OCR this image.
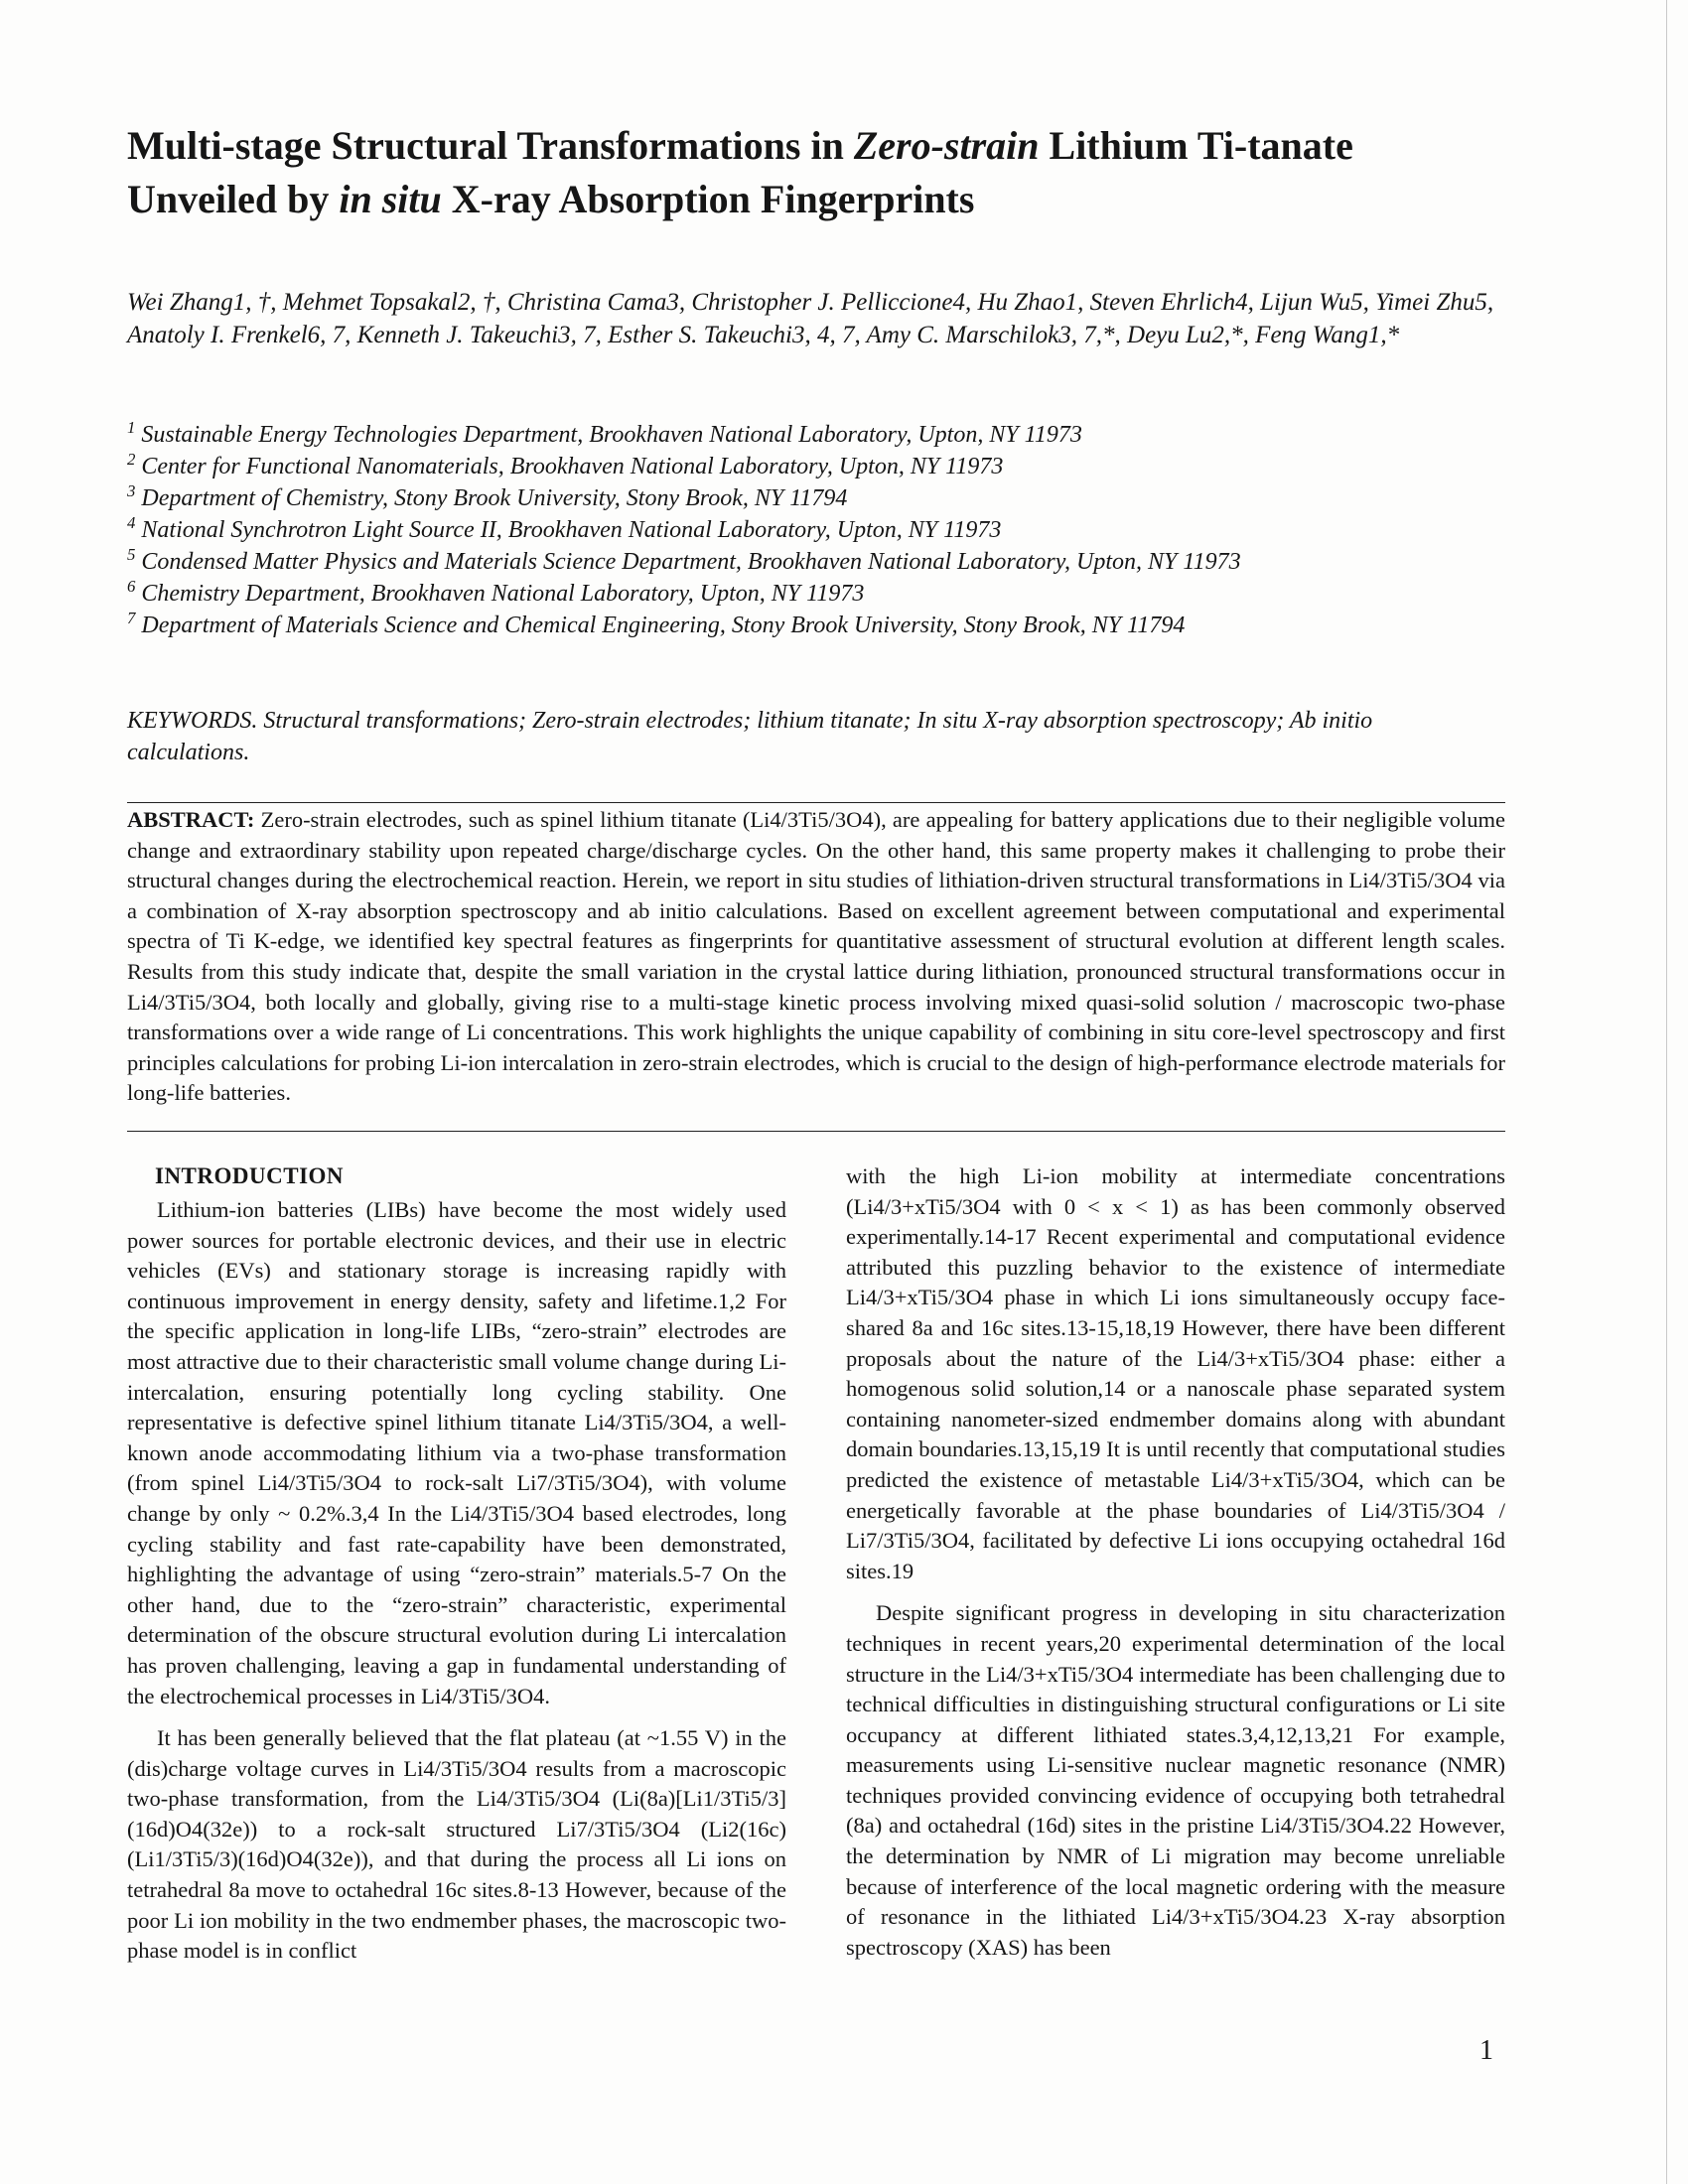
Multi-stage Structural Transformations in Zero-strain Lithium Ti-tanate Unveiled by in situ X-ray Absorption Fingerprints
Wei Zhang1, †, Mehmet Topsakal2, †, Christina Cama3, Christopher J. Pelliccione4, Hu Zhao1, Steven Ehrlich4, Lijun Wu5, Yimei Zhu5, Anatoly I. Frenkel6, 7, Kenneth J. Takeuchi3, 7, Esther S. Takeuchi3, 4, 7, Amy C. Marschilok3, 7,*, Deyu Lu2,*, Feng Wang1,*
$^1$ Sustainable Energy Technologies Department, Brookhaven National Laboratory, Upton, NY 11973
$^2$ Center for Functional Nanomaterials, Brookhaven National Laboratory, Upton, NY 11973
$^3$ Department of Chemistry, Stony Brook University, Stony Brook, NY 11794
$^4$ National Synchrotron Light Source II, Brookhaven National Laboratory, Upton, NY 11973
$^5$ Condensed Matter Physics and Materials Science Department, Brookhaven National Laboratory, Upton, NY 11973
$^6$ Chemistry Department, Brookhaven National Laboratory, Upton, NY 11973
$^7$ Department of Materials Science and Chemical Engineering, Stony Brook University, Stony Brook, NY 11794
KEYWORDS. Structural transformations; Zero-strain electrodes; lithium titanate; In situ X-ray absorption spectroscopy; Ab initio calculations.
ABSTRACT: Zero-strain electrodes, such as spinel lithium titanate (Li4/3Ti5/3O4), are appealing for battery applications due to their negligible volume change and extraordinary stability upon repeated charge/discharge cycles. On the other hand, this same property makes it challenging to probe their structural changes during the electrochemical reaction. Herein, we report in situ studies of lithiation-driven structural transformations in Li4/3Ti5/3O4 via a combination of X-ray absorption spectroscopy and ab initio calculations. Based on excellent agreement between computational and experimental spectra of Ti K-edge, we identified key spectral features as fingerprints for quantitative assessment of structural evolution at different length scales. Results from this study indicate that, despite the small variation in the crystal lattice during lithiation, pronounced structural transformations occur in Li4/3Ti5/3O4, both locally and globally, giving rise to a multi-stage kinetic process involving mixed quasi-solid solution / macroscopic two-phase transformations over a wide range of Li concentrations. This work highlights the unique capability of combining in situ core-level spectroscopy and first principles calculations for probing Li-ion intercalation in zero-strain electrodes, which is crucial to the design of high-performance electrode materials for long-life batteries.
INTRODUCTION

Lithium-ion batteries (LIBs) have become the most widely used power sources for portable electronic devices, and their use in electric vehicles (EVs) and stationary storage is increasing rapidly with continuous improvement in energy density, safety and lifetime.1,2 For the specific application in long-life LIBs, “zero-strain” electrodes are most attractive due to their characteristic small volume change during Li-intercalation, ensuring potentially long cycling stability. One representative is defective spinel lithium titanate Li4/3Ti5/3O4, a well-known anode accommodating lithium via a two-phase transformation (from spinel Li4/3Ti5/3O4 to rock-salt Li7/3Ti5/3O4), with volume change by only ~ 0.2%.3,4 In the Li4/3Ti5/3O4 based electrodes, long cycling stability and fast rate-capability have been demonstrated, highlighting the advantage of using “zero-strain” materials.5-7 On the other hand, due to the “zero-strain” characteristic, experimental determination of the obscure structural evolution during Li intercalation has proven challenging, leaving a gap in fundamental understanding of the electrochemical processes in Li4/3Ti5/3O4.

It has been generally believed that the flat plateau (at ~1.55 V) in the (dis)charge voltage curves in Li4/3Ti5/3O4 results from a macroscopic two-phase transformation, from the Li4/3Ti5/3O4 (Li(8a)[Li1/3Ti5/3](16d)O4(32e)) to a rock-salt structured Li7/3Ti5/3O4 (Li2(16c)(Li1/3Ti5/3)(16d)O4(32e)), and that during the process all Li ions on tetrahedral 8a move to octahedral 16c sites.8-13 However, because of the poor Li ion mobility in the two endmember phases, the macroscopic two-phase model is in conflict

with the high Li-ion mobility at intermediate concentrations (Li4/3+xTi5/3O4 with 0 < x < 1) as has been commonly observed experimentally.14-17 Recent experimental and computational evidence attributed this puzzling behavior to the existence of intermediate Li4/3+xTi5/3O4 phase in which Li ions simultaneously occupy face-shared 8a and 16c sites.13-15,18,19 However, there have been different proposals about the nature of the Li4/3+xTi5/3O4 phase: either a homogenous solid solution,14 or a nanoscale phase separated system containing nanometer-sized endmember domains along with abundant domain boundaries.13,15,19 It is until recently that computational studies predicted the existence of metastable Li4/3+xTi5/3O4, which can be energetically favorable at the phase boundaries of Li4/3Ti5/3O4 / Li7/3Ti5/3O4, facilitated by defective Li ions occupying octahedral 16d sites.19

Despite significant progress in developing in situ characterization techniques in recent years,20 experimental determination of the local structure in the Li4/3+xTi5/3O4 intermediate has been challenging due to technical difficulties in distinguishing structural configurations or Li site occupancy at different lithiated states.3,4,12,13,21 For example, measurements using Li-sensitive nuclear magnetic resonance (NMR) techniques provided convincing evidence of occupying both tetrahedral (8a) and octahedral (16d) sites in the pristine Li4/3Ti5/3O4.22 However, the determination by NMR of Li migration may become unreliable because of interference of the local magnetic ordering with the measure of resonance in the lithiated Li4/3+xTi5/3O4.23 X-ray absorption spectroscopy (XAS) has been

1
